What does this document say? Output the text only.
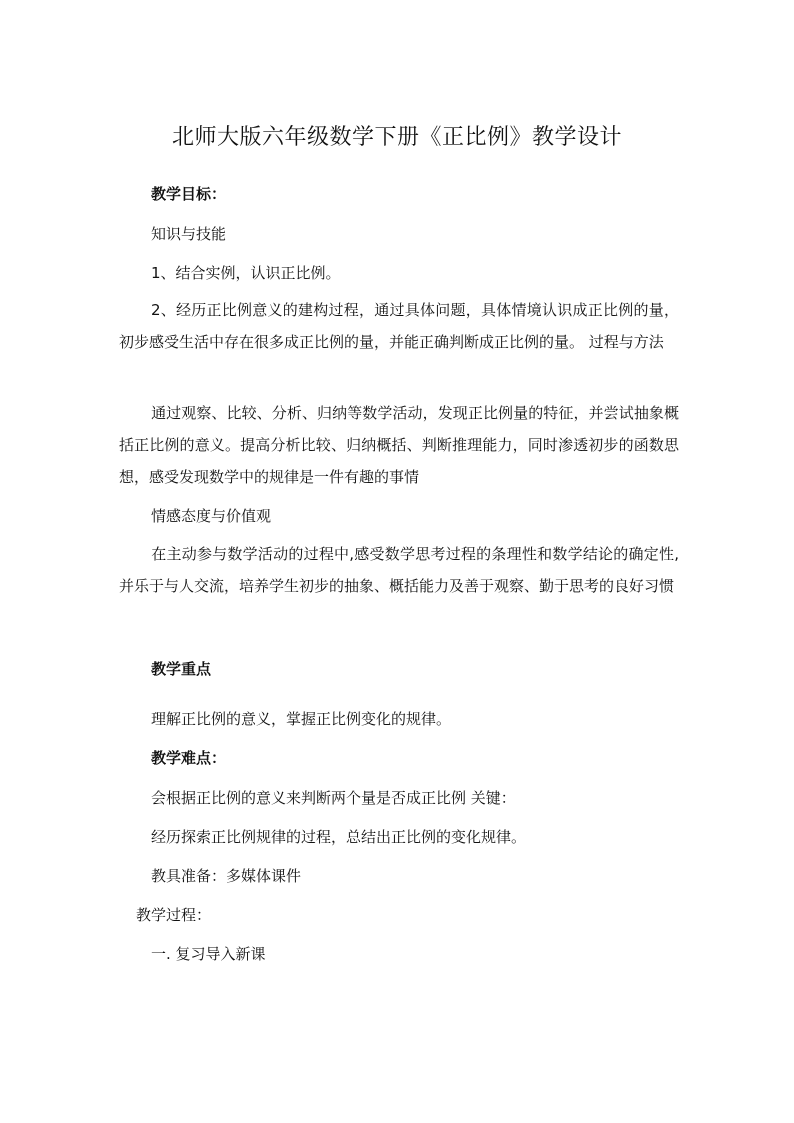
北师大版六年级数学下册《正比例》教学设计
教学目标：
知识与技能
1、结合实例，认识正比例。
2、经历正比例意义的建构过程，通过具体问题，具体情境认识成正比例的量，初步感受生活中存在很多成正比例的量，并能正确判断成正比例的量。 过程与方法
通过观察、比较、分析、归纳等数学活动，发现正比例量的特征，并尝试抽象概括正比例的意义。提高分析比较、归纳概括、判断推理能力，同时渗透初步的函数思想，感受发现数学中的规律是一件有趣的事情
情感态度与价值观
在主动参与数学活动的过程中,感受数学思考过程的条理性和数学结论的确定性,并乐于与人交流，培养学生初步的抽象、概括能力及善于观察、勤于思考的良好习惯
教学重点
理解正比例的意义，掌握正比例变化的规律。
教学难点：
会根据正比例的意义来判断两个量是否成正比例 关键：
经历探索正比例规律的过程，总结出正比例的变化规律。
教具准备：多媒体课件
教学过程：
一. 复习导入新课
